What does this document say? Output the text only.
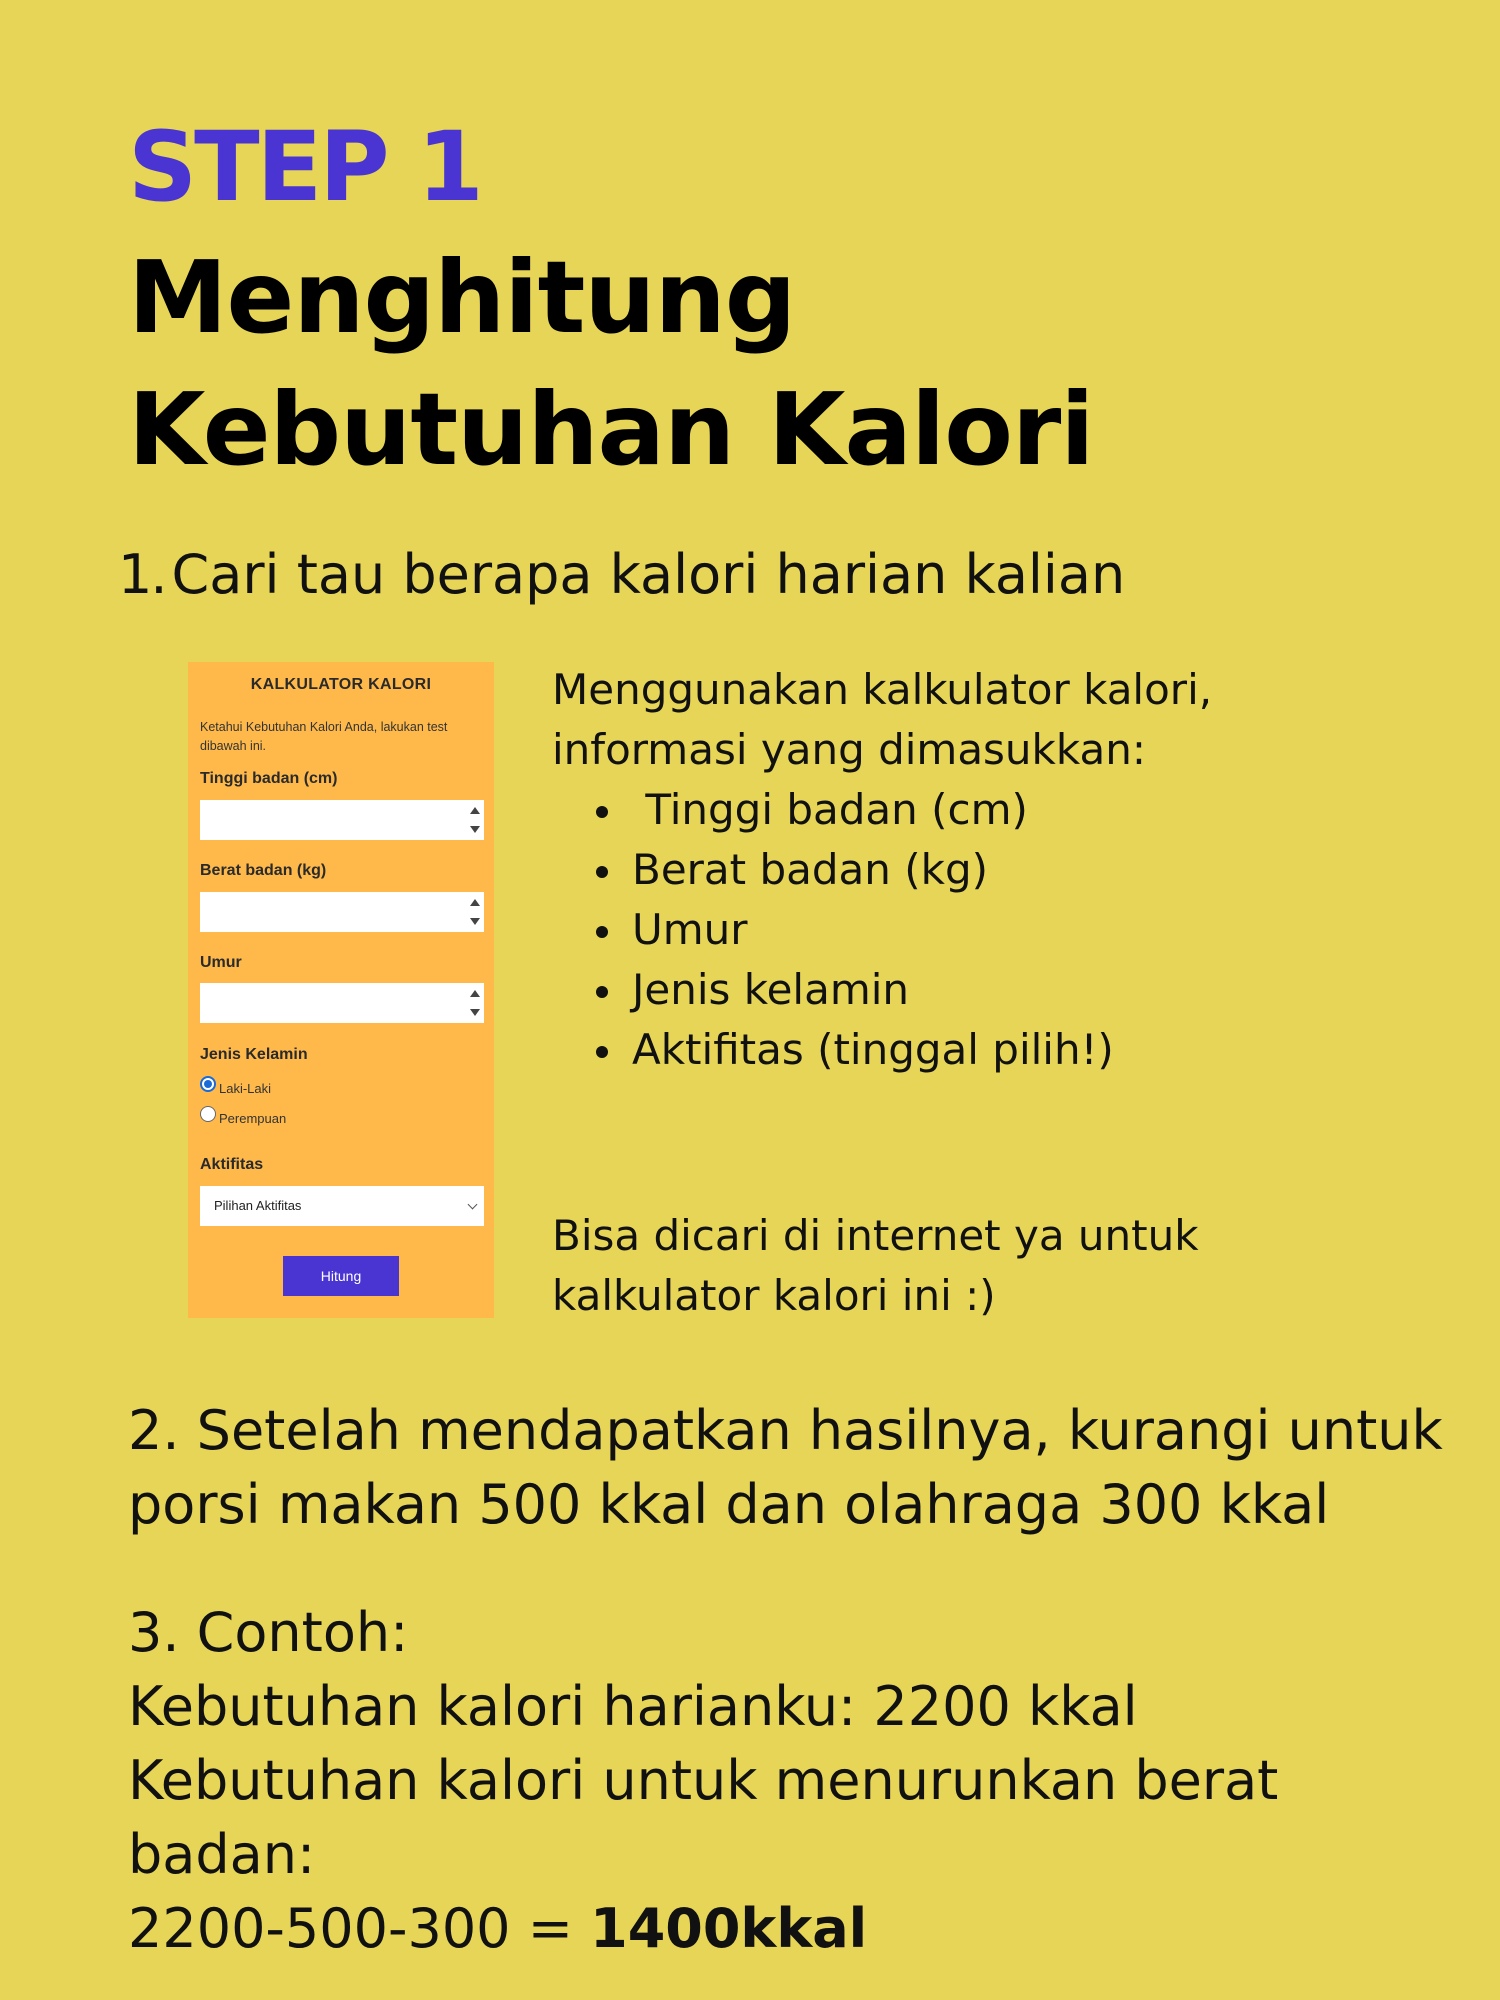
STEP 1
Menghitung
Kebutuhan Kalori

1. Cari tau berapa kalori harian kalian

KALKULATOR KALORI
Ketahui Kebutuhan Kalori Anda, lakukan test dibawah ini.
Tinggi badan (cm)
Berat badan (kg)
Umur
Jenis Kelamin
Laki-Laki
Perempuan
Aktifitas
Pilihan Aktifitas
Hitung

Menggunakan kalkulator kalori,

informasi yang dimasukkan:

Tinggi badan (cm)
Berat badan (kg)
Umur
Jenis kelamin
Aktifitas (tinggal pilih!)

Bisa dicari di internet ya untuk
kalkulator kalori ini :)

2. Setelah mendapatkan hasilnya, kurangi untuk
porsi makan 500 kkal dan olahraga 300 kkal

3. Contoh:
Kebutuhan kalori harianku: 2200 kkal
Kebutuhan kalori untuk menurunkan berat badan:
2200-500-300 = 1400kkal
